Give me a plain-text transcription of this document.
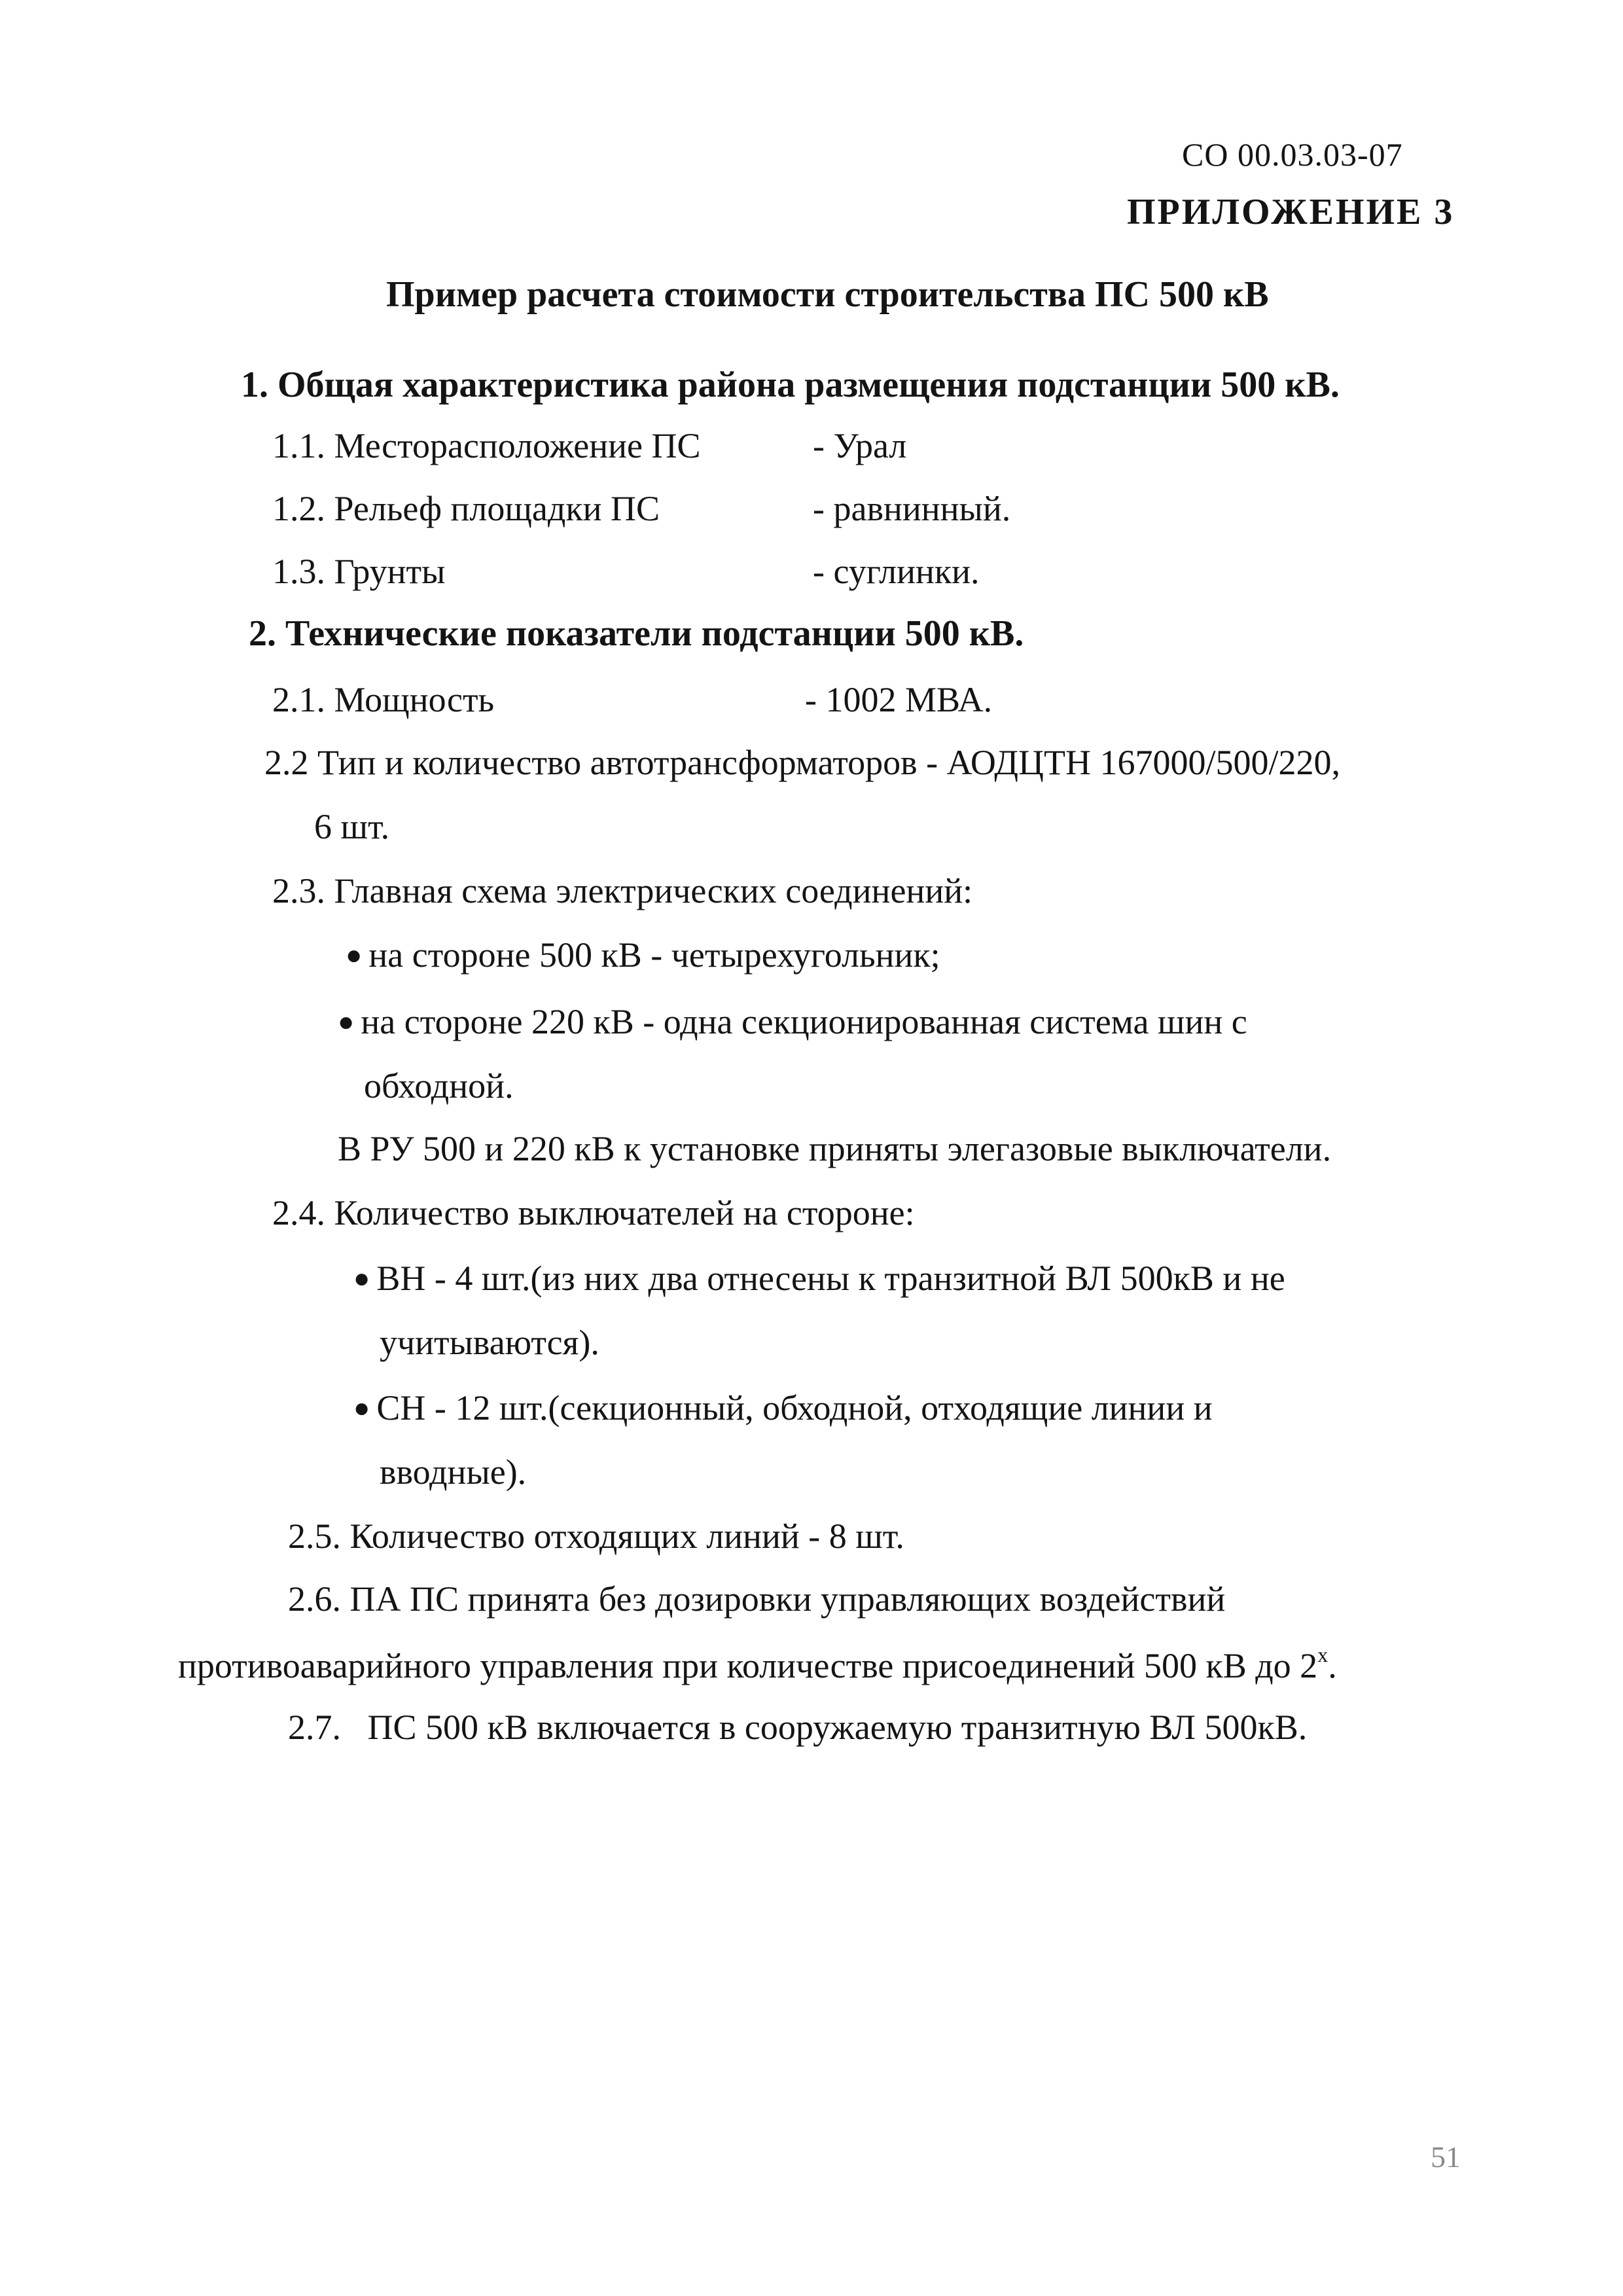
СО 00.03.03-07
ПРИЛОЖЕНИЕ 3
Пример расчета стоимости строительства ПС 500 кВ
1. Общая характеристика района размещения подстанции 500 кВ.
1.1. Месторасположение ПС	- Урал
1.2. Рельеф площадки ПС	- равнинный.
1.3. Грунты	- суглинки.
2. Технические показатели подстанции 500 кВ.
2.1. Мощность	- 1002 МВА.
2.2 Тип и количество автотрансформаторов - АОДЦТН 167000/500/220,
6 шт.
2.3. Главная схема электрических соединений:
● на стороне 500 кВ - четырехугольник;
● на стороне 220 кВ - одна секционированная система шин с
обходной.
В РУ 500 и 220 кВ к установке приняты элегазовые выключатели.
2.4. Количество выключателей на стороне:
● ВН - 4 шт.(из них два отнесены к транзитной ВЛ 500кВ и не
учитываются).
● СН - 12 шт.(секционный, обходной, отходящие линии и
вводные).
2.5. Количество отходящих линий - 8 шт.
2.6. ПА ПС принята без дозировки управляющих воздействий
противоаварийного управления при количестве присоединений 500 кВ до $2^х$.
2.7.   ПС 500 кВ включается в сооружаемую транзитную ВЛ 500кВ.
51
